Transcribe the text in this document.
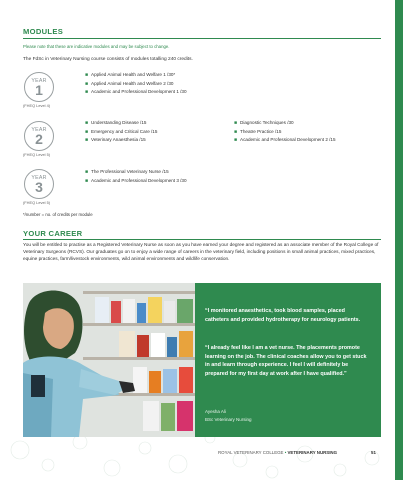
MODULES
Please note that these are indicative modules and may be subject to change.
The FdSc in Veterinary Nursing course consists of modules totalling 240 credits.
YEAR
1
(FHEQ Level 4)
■ Applied Animal Health and Welfare 1 /30*
■ Applied Animal Health and Welfare 2 /30
■ Academic and Professional Development 1 /30
YEAR
2
(FHEQ Level 5)
■ Understanding Disease /15
■ Emergency and Critical Care /15
■ Veterinary Anaesthesia /15
■ Diagnostic Techniques /30
■ Theatre Practice /15
■ Academic and Professional Development 2 /15
YEAR
3
(FHEQ Level 5)
■ The Professional Veterinary Nurse /15
■ Academic and Professional Development 3 /30
*/number = no. of credits per module
YOUR CAREER
You will be entitled to practise as a Registered Veterinary Nurse as soon as you have earned your degree and registered as an associate member of the Royal College of Veterinary Surgeons (RCVS). Our graduates go on to enjoy a wide range of careers in the veterinary field, including positions in small animal practices, mixed practices, equine practices, farm/livestock environments, wild animal environments and wildlife conservation.
“I monitored anaesthetics, took blood samples, placed catheters and provided hydrotherapy for neurology patients.
“I already feel like I am a vet nurse. The placements promote learning on the job. The clinical coaches allow you to get stuck in and learn through experience. I feel I will definitely be prepared for my first day at work after I have qualified.”
Ayesha Ali
BSc Veterinary Nursing
ROYAL VETERINARY COLLEGE • VETERINARY NURSING	51
